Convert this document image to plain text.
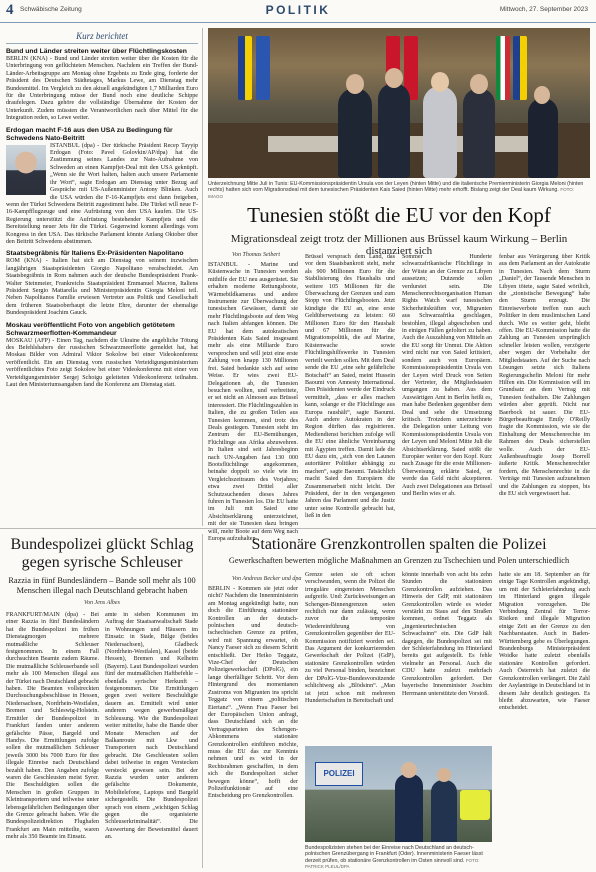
4 Schwäbische Zeitung	POLITIK	Mittwoch, 27. September 2023
Kurz berichtet
Bund und Länder streiten weiter über Flüchtlingskosten
BERLIN (KNA) - Bund und Länder streiten weiter über die Kosten für die Unterbringung von geflüchteten Menschen. Nachdem ein Treffen der Bund-Länder-Arbeitsgruppe am Montag ohne Ergebnis zu Ende ging, forderte der Präsident des Deutschen Städtetages, Markus Lewe, am Dienstag mehr Bundesmittel. Im Vergleich zu den aktuell angekündigten 1,7 Milliarden Euro für die Unterbringung müsse der Bund noch eine deutliche Schippe draufelegen. Dazu gehöre die vollständige Übernahme der Kosten der Unterkunft. Zudem müssten die Verantwortlichen nach über Mittel für die Integration reden, so Lewe weiter.
Erdogan macht F-16 aus den USA zu Bedingung für Schwedens Nato-Beitritt
ISTANBUL (dpa) - Der türkische Präsident Recep Tayyip Erdogan (Foto: Pavel Golovkin/AP/dpa) hat die Zustimmung seines Landes zur Nato-Aufnahme von Schweden an einen Kampfjet-Deal mit den USA geknüpft. „Wenn sie ihr Wort halten, halten auch unsere Parlamente ihr Wort“, sagte Erdogan am Dienstag unter Bezug auf Gespräche mit US-Außenminister Antony Blinken. Auch die USA würden die F-16-Kampfjets erst dann freigeben, wenn der Türkei Schwedens Beitritt zugestimmt habe. Die Türkei will neue F-16-Kampfflugzeuge und eine Aufrüstung von den USA kaufen. Die US-Regierung unterstützt die Aufrüstung bestehender Kampfjets und die Bereitstellung neuer Jets für die Türkei. Gegenwind kommt allerdings vom Kongress in den USA. Das türkische Parlament könnte Anfang Oktober über den Beitritt Schwedens abstimmen.
Staatsbegräbnis für Italiens Ex-Präsidenten Napolitano
ROM (KNA) - Italien hat sich am Dienstag von seinem inzwischen langjährigen Staatspräsidenten Giorgio Napolitano verabschiedet. Am Staatsbegräbnis in Rom nahmen auch der deutsche Bundespräsident Frank-Walter Steinmeier, Frankreichs Staatspräsident Emmanuel Macron, Italiens Präsident Sergio Mattarella und Ministerpräsidentin Giorgia Meloni teil. Neben Napolitanos Familie erwiesen Vertreter aus Politik und Gesellschaft dem früheren Staatsoberhaupt die letzte Ehre, darunter der ehemalige Bundespräsident Joachim Gauck.
Moskau veröffentlicht Foto von angeblich getötetem Schwarzmeerflotten-Kommandeur
MOSKAU (AFP) - Einen Tag, nachdem die Ukraine die angebliche Tötung des Befehlshabers der russischen Schwarzmeerflotte gemeldet hat, hat Moskau Bilder von Admiral Viktor Sokolow bei einer Videokonferenz veröffentlicht. Ein am Dienstag vom russischen Verteidigungsministerium veröffentlichtes Foto zeigt Sokolow bei einer Videokonferenz mit einer von Verteidigungsminister Sergej Schoigu geleiteten Videokonferenz teilnahm. Laut den Ministeriumsangaben fand die Konferenz am Dienstag statt.
Unterzeichnung Mitte Juli in Tunis: EU-Kommissionspräsidentin Ursula von der Leyen (hinten Mitte) und die italienische Premierministerin Giorgia Meloni (hinten rechts) hatten sich vom Migrationsdeal mit dem tunesischen Präsidenten Kais Saied (hinten Mitte) mehr erhofft. Bislang zeigt der Deal kaum Wirkung. FOTO: IMAGO
Tunesien stößt die EU vor den Kopf
Migrationsdeal zeigt trotz der Millionen aus Brüssel kaum Wirkung – Berlin distanziert sich
Von Thomas Seibert
ISTANBUL - Marine und Küstenwache in Tunesien werden mithilfe der EU neu ausgerüstet. Sie erhalten moderne Rettungsboote, Wärmebildkameras und andere Instrumente zur Überwachung der tunesischen Gewässer, damit sie mehr Flüchtlingsboote auf dem Weg nach Italien abfangen können. Die EU hat dem autokratischen Präsidenten Kais Saied insgesamt mehr als eine Milliarde Euro versprochen und will jetzt eine erste Zahlung von knapp 130 Millionen frei. Saied bedankte sich auf seine Weise. Er wies zwei EU-Delegationen ab, die Tunesien besuchen wollten, und verbreitete, er sei nicht an Almosen aus Brüssel interessiert. Die Flüchtlingszahlen in Italien, die zu großen Teilen aus Tunesien kommen, sind trotz des Deals gestiegen. Tunesien steht im Zentrum der EU-Bemühungen, Flüchtlinge aus Afrika abzuwehren. In Italien sind seit Jahresbeginn nach UN-Angaben fast 130 000 Bootsflüchtlinge angekommen, beinahe doppelt so viele wie im Vergleichszeitraum des Vorjahres; etwa zwei Drittel aller Schutzsuchenden dieses Jahres fuhren in Tunesien los. Die EU hatte im Juli mit Saied eine Absichtserklärung unterzeichnet, mit der sie Tunesien dazu bringen will, mehr Boote auf dem Weg nach Europa aufzuhalten.
Brüssel versprach dem Land, das vor dem Staatsbankrott steht, mehr als 900 Millionen Euro für die Stabilisierung des Haushalts und weitere 105 Millionen für die Überwachung der Grenzen und zum Stopp von Flüchtlingsbooten. Jetzt kündigte die EU an, eine erste Geldüberweisung zu leisten: 60 Millionen Euro für den Haushalt und 67 Millionen für die Migrationspolitik, die auf Marine, Küstenwache sowie Flüchtlingshilfswerke in Tunesien verteilt werden sollen. Mit dem Deal sende die EU „eine sehr gefährliche Botschaft“ an Saied, meint Hussein Baoumi von Amnesty International. Den Präsidenten werde der Eindruck vermittelt, „dass er alles machen kann, solange er die Flüchtlinge aus Europa raushält“, sagte Baoumi. Auch andere Autokraten in der Region dürften das registrieren. Mediendienst berichten zufolge will die EU eine ähnliche Vereinbarung mit Ägypten treffen. Damit lade die EU dazu ein, „sich von den Launen autoritärer Politiker abhängig zu machen“, sagte Baoumi. Tatsächlich macht Saied den Europäern die Zusammenarbeit nicht leicht. Der Präsident, der in den vergangenen Jahren das Parlament und die Justiz unter seine Kontrolle gebracht hat, ließ in den
Sommer Hunderte schwarzafrikanische Flüchtlinge in der Wüste an der Grenze zu Libyen aussetzen; Dutzende sollen verdurstet sein. Die Menschenrechtsorganisation Human Rights Watch warf tunesischen Sicherheitskräften vor, Migranten aus Schwarzafrika geschlagen, bestohlen, illegal abgeschoben und in einigen Fällen gefoltert zu haben. Auch die Auszahlung von Mitteln an die EU sorgt für Unmut. Die Aktion wird nicht nur von Saied kritisiert, sondern auch von Europäern. Kommissionspräsidentin Ursula von der Leyen wird Druck von Seiten der Vertreter, die Mitgliedstaaten umgangen zu haben. Aus dem Auswärtigen Amt in Berlin heißt es, man habe Bedenken gegenüber dem Deal und sehe die Umsetzung kritisch. Trotzdem unterzeichnete die Delegation unter Leitung von Kommissionspräsidentin Ursula von der Leyen und Meloni Mitte Juli die Absichtserklärung. Saied stößt die Europäer weiter vor den Kopf. Kurz nach Zusage für die erste Millionen-Überweisung erklärte Saied, er werde das Geld nicht akzeptieren. Auch zwei Delegationen aus Brüssel und Berlin wies er ab.
fenbar aus Verärgerung über Kritik aus dem Parlament an der Autokratie in Tunesien. Nach dem Sturm „Daniel“, der Tausende Menschen in Libyen tötete, sagte Saied wörtlich, die „zionistische Bewegung“ habe den Sturm erzeugt. Die Einreiseverbote treffen nun auch Politiker in dem muslimischen Land durch. Wie es weiter geht, bleibt offen. Die EU-Kommission hatte die Zahlung an Tunesien ursprünglich schneller leisten wollen, verzögerte aber wegen der Vorbehalte der Mitgliedstaaten. Auf der Suche nach Lösungen setzte sich Italiens Regierungschefin Meloni für mehr Hilfen ein. Die Kommission will im Grundsatz an dem Vertrag mit Tunesien festhalten. Die Zahlungen würden aber geprüft. Nicht nur Baerbock ist sauer. Die EU-Bürgerbeauftragte Emily O'Reilly fragte die Kommission, wie sie die Einhaltung der Menschenrechte im Rahmen des Deals sicherstellen wolle. Auch der EU-Außenbeauftragte Josep Borrell äußerte Kritik. Menschenrechtler fordern, die Menschenrechte in die Verträge mit Tunesien aufzunehmen und die Zahlungen zu stoppen, bis die EU sich vergewissert hat.
Bundespolizei glückt Schlag gegen syrische Schleuser
Razzia in fünf Bundesländern – Bande soll mehr als 100 Menschen illegal nach Deutschland gebracht haben
Von Jens Albes
FRANKFURT/MAIN (dpa) - Bei einer Razzia in fünf Bundesländern hat die Bundespolizei im frühen Dienstagmorgen mehrere mutmaßliche Schleuser festgenommen. In einem Fall durchsuchten Beamte zudem Räume. Die mutmaßliche Schleuserbande soll mehr als 100 Menschen illegal aus der Türkei nach Deutschland gebracht haben. Die Beamten vollstreckten Durchsuchungsbeschlüsse in Hessen, Niedersachsen, Nordrhein-Westfalen, Bremen und Schleswig-Holstein. Ermittler der Bundespolizei in Frankfurt fanden unter anderem gefälschte Pässe, Bargeld und Handys. Die Ermittlungen zufolge sollen die mutmaßlichen Schleuser jeweils 3000 bis 7000 Euro für ihre illegale Einreise nach Deutschland bezahlt haben. Den Angaben zufolge waren die Geschleusten meist Syrer. Die Beschuldigten sollen die Menschen in großen Gruppen in Kleintransportern und teilweise unter lebensgefährlichen Bedingungen über die Grenze gebracht haben. Wie die Bundespolizeidirektion Flughafen Frankfurt am Main mitteilte, waren mehr als 350 Beamte im Einsatz.
amte in sieben Kommunen im Auftrag der Staatsanwaltschaft Stade in Wohnungen und Häusern im Einsatz: in Stade, Bülge (beides Niedersachsen), Gladbeck (Nordrhein-Westfalen), Kassel (beide Hessen), Bremen und Kelheim (Bayern). Laut Bundespolizei wurden fünf der mutmaßlichen Haftbefehle – ebenfalls syrischer Herkunft – festgenommen. Die Ermittlungen gegen zwei weitere Beschuldigte dauern an. Ermittelt wird unter anderem wegen gewerbsmäßiger Schleusung. Wie die Bundespolizei weiter mitteilte, habe die Bande über Monate Menschen auf der Balkanroute mit Lkw und Transportern nach Deutschland gebracht. Die Geschleusten sollen dabei teilweise in engen Verstecken versteckt gewesen sein. Bei der Razzia wurden unter anderem gefälschte Dokumente, Mobiltelefone, Laptops und Bargeld sichergestellt. Die Bundespolizei sprach von einem „wichtigen Schlag gegen die organisierte Schleuserkriminalität“. Die Auswertung der Beweismittel dauert an.
Stationäre Grenzkontrollen spalten die Polizei
Gewerkschaften bewerten mögliche Maßnahmen an Grenzen zu Tschechien und Polen unterschiedlich
Von Andreas Becker und dpa
BERLIN - Kommen sie jetzt oder nicht? Nachdem die Innenministerin am Montag angekündigt hatte, nun doch die Einführung stationärer Kontrollen an der deutsch-polnischen und deutsch-tschechischen Grenze zu prüfen, wird mit Spannung erwartet, ob Nancy Faeser sich zu diesem Schritt entschließt. Der Heiko Teggatz, Vize-Chef der Deutschen Polizeigewerkschaft (DPolG), ein lange überfälliger Schritt. Vor dem Hintergrund des momentanen Zustroms von Migranten ins spricht Teggatz von einem „politischen Eiertanz“. „Wenn Frau Faeser bei der Europäischen Union anfragt, dass Deutschland sich an die Vertragsparteien des Schengen-Abkommens stationäre Grenzkontrollen einführen möchte, muss die EU das zur Kenntnis nehmen und es wird in der Rechtsrahmen geschaffen, in dem sich die Bundespolizei sicher bewegen könne“, hofft der Polizeifunktionär auf eine Entscheidung pro Grenzkontrollen.
Grenze seien sie oft schon verschwunden, wenn die Polizei die irreguläre eingereisten Menschen aufgreife. Und: Zurückweisungen an Schengen-Binnengrenzen seien rechtlich nur dann zulässig, wenn zuvor die temporäre Wiedereinführung von Grenzkontrollen gegenüber der EU-Kommission notifiziert worden sei. Das Argument der konkurrierenden Gewerkschaft der Polizei (GdP), stationäre Grenzkontrollen würden zu viel Personal binden, bezeichnet der DPolG-Vize-Bundesvorsitzende schlichtweg als „Blödsinn“. „Man ist jetzt schon mit mehreren Hundertschaften in Bereitschaft und
könnte innerhalb von acht bis zehn Stunden die stationären Grenzkontrollen aufziehen. Das Hinweis der GdP, mit stationären Grenzkontrollen würde es wieder verstärkt zu Staus auf den Straßen kommen, ordnet Teggatz als „ingenieurtechnischen Schwachsinn“ ein. Die GdP hält dagegen, die Bundespolizei sei mit der Schleierfahndung im Hinterland bereits gut aufgestellt. Es fehle vielmehr an Personal. Auch die CDU hatte zuletzt mehrfach Grenzkontrollen gefordert. Der bayerische Innenminister Joachim Herrmann unterstützte den Vorstoß.
hatte sie am 18. September an für einige Tage Kontrollen angekündigt, um mit der Schleierfahndung auch im Hinterland gegen illegale Migration vorzugehen. Die Verbindung Zentral für Terror-Risiken und illegale Migration einige Zeit an der Grenze zu den Nachbarstaaten. Auch in Baden-Württemberg gebe es Überlegungen. Brandenburgs Ministerpräsident Woidke hatte zuletzt ebenfalls stationäre Kontrollen gefordert. Auch Österreich hat zuletzt die Grenzkontrollen verlängert. Die Zahl der Asylanträge in Deutschland ist in diesem Jahr deutlich gestiegen. Es bleibt abzuwarten, wie Faeser entscheidet.
POLIZEI
Bundespolizisten stehen bei der Einreise nach Deutschland an deutsch-polnischen Grenzübergang in Frankfurt (Oder). Innenministerin Faeser lässt derzeit prüfen, ob stationäre Grenzkontrollen im Osten sinnvoll sind. FOTO: PATRICK PLEUL/DPA
